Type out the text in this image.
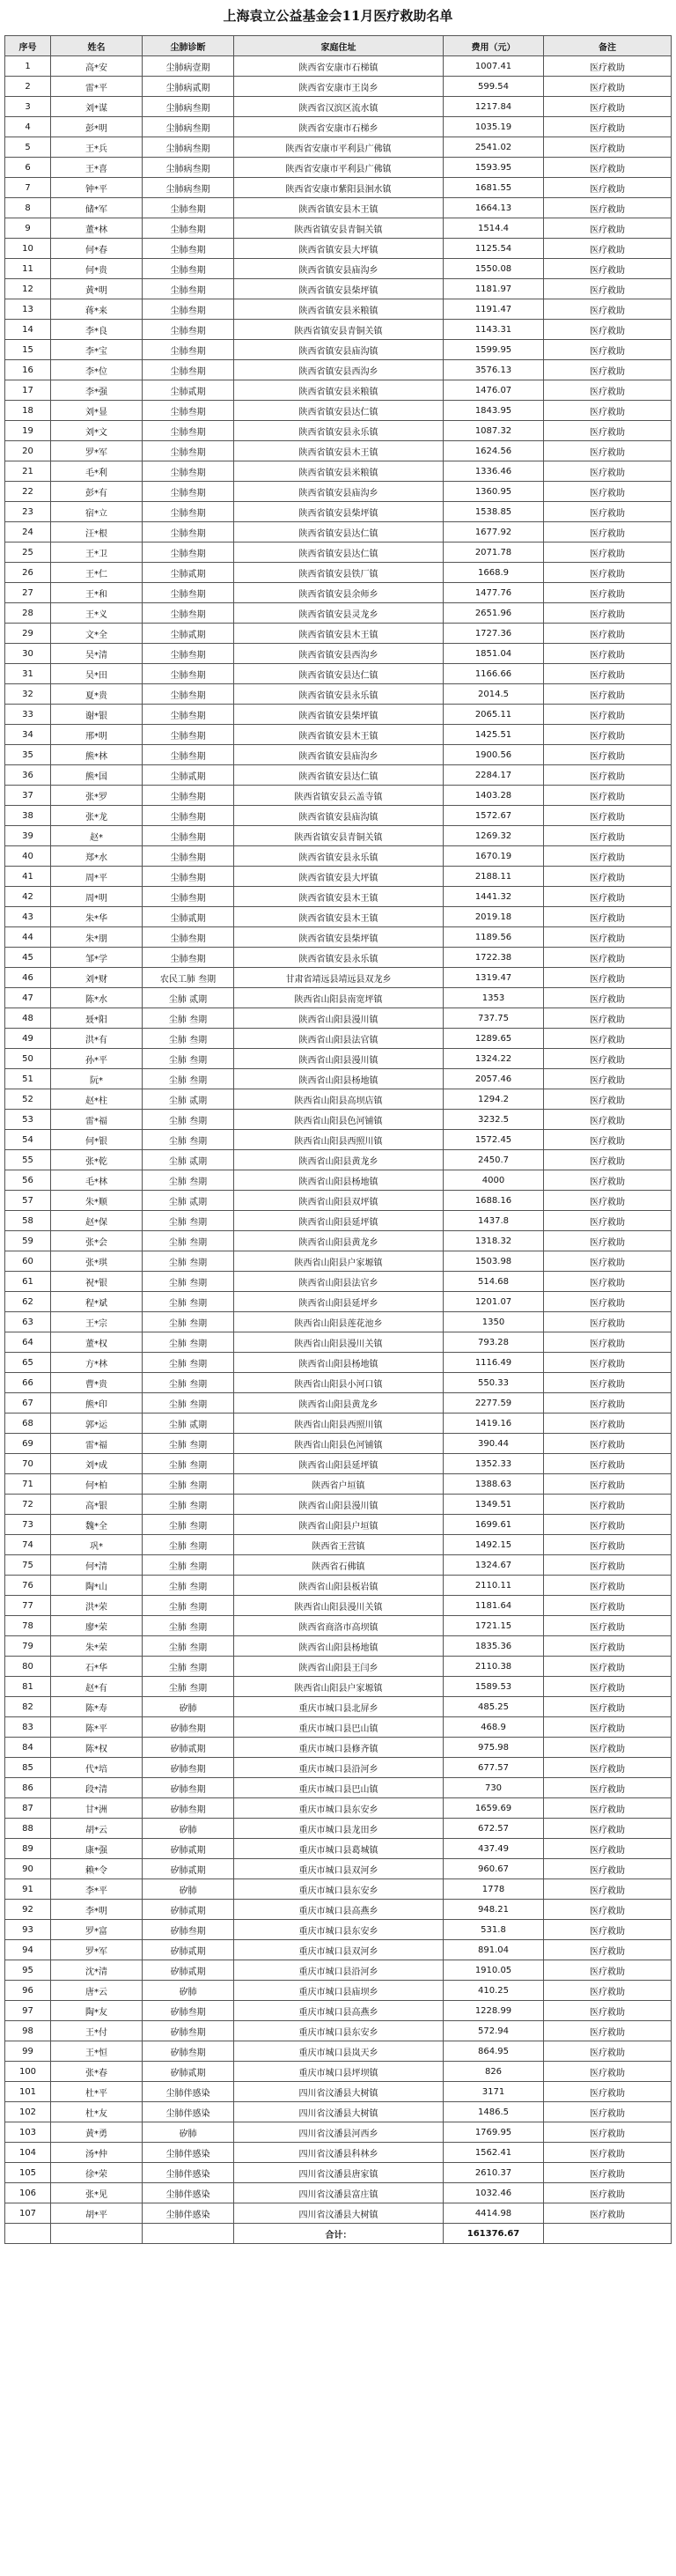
上海袁立公益基金会11月医疗救助名单
序号	姓名	尘肺诊断	家庭住址	费用（元）	备注
1	高*安	尘肺病壹期	陕西省安康市石梯镇	1007.41	医疗救助
2	雷*平	尘肺病贰期	陕西省安康市王岗乡	599.54	医疗救助
3	刘*谋	尘肺病叁期	陕西省汉滨区流水镇	1217.84	医疗救助
4	彭*明	尘肺病叁期	陕西省安康市石梯乡	1035.19	医疗救助
5	王*兵	尘肺病叁期	陕西省安康市平利县广佛镇	2541.02	医疗救助
6	王*喜	尘肺病叁期	陕西省安康市平利县广佛镇	1593.95	医疗救助
7	钟*平	尘肺病叁期	陕西省安康市紫阳县洄水镇	1681.55	医疗救助
8	储*军	尘肺叁期	陕西省镇安县木王镇	1664.13	医疗救助
9	董*林	尘肺叁期	陕西省镇安县青铜关镇	1514.4	医疗救助
10	何*春	尘肺叁期	陕西省镇安县大坪镇	1125.54	医疗救助
11	何*贵	尘肺叁期	陕西省镇安县庙沟乡	1550.08	医疗救助
12	黄*明	尘肺叁期	陕西省镇安县柴坪镇	1181.97	医疗救助
13	蒋*来	尘肺叁期	陕西省镇安县米粮镇	1191.47	医疗救助
14	李*良	尘肺叁期	陕西省镇安县青铜关镇	1143.31	医疗救助
15	李*宝	尘肺叁期	陕西省镇安县庙沟镇	1599.95	医疗救助
16	李*位	尘肺叁期	陕西省镇安县西沟乡	3576.13	医疗救助
17	李*强	尘肺贰期	陕西省镇安县米粮镇	1476.07	医疗救助
18	刘*显	尘肺叁期	陕西省镇安县达仁镇	1843.95	医疗救助
19	刘*文	尘肺叁期	陕西省镇安县永乐镇	1087.32	医疗救助
20	罗*军	尘肺叁期	陕西省镇安县木王镇	1624.56	医疗救助
21	毛*利	尘肺叁期	陕西省镇安县米粮镇	1336.46	医疗救助
22	彭*有	尘肺叁期	陕西省镇安县庙沟乡	1360.95	医疗救助
23	宿*立	尘肺叁期	陕西省镇安县柴坪镇	1538.85	医疗救助
24	汪*根	尘肺叁期	陕西省镇安县达仁镇	1677.92	医疗救助
25	王*卫	尘肺叁期	陕西省镇安县达仁镇	2071.78	医疗救助
26	王*仁	尘肺贰期	陕西省镇安县铁厂镇	1668.9	医疗救助
27	王*和	尘肺叁期	陕西省镇安县余师乡	1477.76	医疗救助
28	王*义	尘肺叁期	陕西省镇安县灵龙乡	2651.96	医疗救助
29	文*全	尘肺贰期	陕西省镇安县木王镇	1727.36	医疗救助
30	吴*清	尘肺叁期	陕西省镇安县西沟乡	1851.04	医疗救助
31	吴*田	尘肺叁期	陕西省镇安县达仁镇	1166.66	医疗救助
32	夏*贵	尘肺叁期	陕西省镇安县永乐镇	2014.5	医疗救助
33	谢*银	尘肺叁期	陕西省镇安县柴坪镇	2065.11	医疗救助
34	邢*明	尘肺叁期	陕西省镇安县木王镇	1425.51	医疗救助
35	熊*林	尘肺叁期	陕西省镇安县庙沟乡	1900.56	医疗救助
36	熊*国	尘肺贰期	陕西省镇安县达仁镇	2284.17	医疗救助
37	张*罗	尘肺叁期	陕西省镇安县云盖寺镇	1403.28	医疗救助
38	张*龙	尘肺叁期	陕西省镇安县庙沟镇	1572.67	医疗救助
39	赵*	尘肺叁期	陕西省镇安县青铜关镇	1269.32	医疗救助
40	郑*水	尘肺叁期	陕西省镇安县永乐镇	1670.19	医疗救助
41	周*平	尘肺叁期	陕西省镇安县大坪镇	2188.11	医疗救助
42	周*明	尘肺叁期	陕西省镇安县木王镇	1441.32	医疗救助
43	朱*华	尘肺贰期	陕西省镇安县木王镇	2019.18	医疗救助
44	朱*朋	尘肺叁期	陕西省镇安县柴坪镇	1189.56	医疗救助
45	邹*学	尘肺叁期	陕西省镇安县永乐镇	1722.38	医疗救助
46	刘*财	农民工肺 叁期	甘肃省靖远县靖远县双龙乡	1319.47	医疗救助
47	陈*水	尘肺 贰期	陕西省山阳县南宽坪镇	1353	医疗救助
48	聂*阳	尘肺 叁期	陕西省山阳县漫川镇	737.75	医疗救助
49	洪*有	尘肺 叁期	陕西省山阳县法官镇	1289.65	医疗救助
50	孙*平	尘肺 叁期	陕西省山阳县漫川镇	1324.22	医疗救助
51	阮*	尘肺 叁期	陕西省山阳县杨地镇	2057.46	医疗救助
52	赵*柱	尘肺 贰期	陕西省山阳县高坝店镇	1294.2	医疗救助
53	雷*福	尘肺 叁期	陕西省山阳县色河铺镇	3232.5	医疗救助
54	何*银	尘肺 叁期	陕西省山阳县西照川镇	1572.45	医疗救助
55	张*乾	尘肺 贰期	陕西省山阳县黄龙乡	2450.7	医疗救助
56	毛*林	尘肺 叁期	陕西省山阳县杨地镇	4000	医疗救助
57	朱*顺	尘肺 贰期	陕西省山阳县双坪镇	1688.16	医疗救助
58	赵*保	尘肺 叁期	陕西省山阳县延坪镇	1437.8	医疗救助
59	张*会	尘肺 叁期	陕西省山阳县黄龙乡	1318.32	医疗救助
60	张*琪	尘肺 叁期	陕西省山阳县户家塬镇	1503.98	医疗救助
61	祝*银	尘肺 叁期	陕西省山阳县法官乡	514.68	医疗救助
62	程*斌	尘肺 叁期	陕西省山阳县延坪乡	1201.07	医疗救助
63	王*宗	尘肺 叁期	陕西省山阳县莲花池乡	1350	医疗救助
64	董*权	尘肺 叁期	陕西省山阳县漫川关镇	793.28	医疗救助
65	方*林	尘肺 叁期	陕西省山阳县杨地镇	1116.49	医疗救助
66	曹*贵	尘肺 叁期	陕西省山阳县小河口镇	550.33	医疗救助
67	熊*印	尘肺 叁期	陕西省山阳县黄龙乡	2277.59	医疗救助
68	郭*运	尘肺 贰期	陕西省山阳县西照川镇	1419.16	医疗救助
69	雷*福	尘肺 叁期	陕西省山阳县色河铺镇	390.44	医疗救助
70	刘*成	尘肺 叁期	陕西省山阳县延坪镇	1352.33	医疗救助
71	何*柏	尘肺 叁期	陕西省户垣镇	1388.63	医疗救助
72	高*银	尘肺 叁期	陕西省山阳县漫川镇	1349.51	医疗救助
73	魏*全	尘肺 叁期	陕西省山阳县户垣镇	1699.61	医疗救助
74	巩*	尘肺 叁期	陕西省王营镇	1492.15	医疗救助
75	何*清	尘肺 叁期	陕西省石佛镇	1324.67	医疗救助
76	陶*山	尘肺 叁期	陕西省山阳县板岩镇	2110.11	医疗救助
77	洪*荣	尘肺 叁期	陕西省山阳县漫川关镇	1181.64	医疗救助
78	廖*荣	尘肺 叁期	陕西省商洛市高坝镇	1721.15	医疗救助
79	朱*荣	尘肺 叁期	陕西省山阳县杨地镇	1835.36	医疗救助
80	石*华	尘肺 叁期	陕西省山阳县王闫乡	2110.38	医疗救助
81	赵*有	尘肺 叁期	陕西省山阳县户家塬镇	1589.53	医疗救助
82	陈*寿	矽肺	重庆市城口县北屏乡	485.25	医疗救助
83	陈*平	矽肺叁期	重庆市城口县巴山镇	468.9	医疗救助
84	陈*权	矽肺贰期	重庆市城口县修齐镇	975.98	医疗救助
85	代*培	矽肺叁期	重庆市城口县沿河乡	677.57	医疗救助
86	段*清	矽肺叁期	重庆市城口县巴山镇	730	医疗救助
87	甘*洲	矽肺叁期	重庆市城口县东安乡	1659.69	医疗救助
88	胡*云	矽肺	重庆市城口县龙田乡	672.57	医疗救助
89	康*强	矽肺贰期	重庆市城口县葛城镇	437.49	医疗救助
90	赖*令	矽肺贰期	重庆市城口县双河乡	960.67	医疗救助
91	李*平	矽肺	重庆市城口县东安乡	1778	医疗救助
92	李*明	矽肺贰期	重庆市城口县高燕乡	948.21	医疗救助
93	罗*富	矽肺叁期	重庆市城口县东安乡	531.8	医疗救助
94	罗*军	矽肺贰期	重庆市城口县双河乡	891.04	医疗救助
95	沈*清	矽肺贰期	重庆市城口县沿河乡	1910.05	医疗救助
96	唐*云	矽肺	重庆市城口县庙坝乡	410.25	医疗救助
97	陶*友	矽肺叁期	重庆市城口县高燕乡	1228.99	医疗救助
98	王*付	矽肺叁期	重庆市城口县东安乡	572.94	医疗救助
99	王*恒	矽肺叁期	重庆市城口县岚天乡	864.95	医疗救助
100	张*春	矽肺贰期	重庆市城口县坪坝镇	826	医疗救助
101	杜*平	尘肺伴感染	四川省汶潘县大树镇	3171	医疗救助
102	杜*友	尘肺伴感染	四川省汶潘县大树镇	1486.5	医疗救助
103	黄*勇	矽肺	四川省汶潘县河西乡	1769.95	医疗救助
104	汤*仲	尘肺伴感染	四川省汶潘县科林乡	1562.41	医疗救助
105	徐*荣	尘肺伴感染	四川省汶潘县唐家镇	2610.37	医疗救助
106	张*见	尘肺伴感染	四川省汶潘县富庄镇	1032.46	医疗救助
107	胡*平	尘肺伴感染	四川省汶潘县大树镇	4414.98	医疗救助
			合计：	161376.67	
